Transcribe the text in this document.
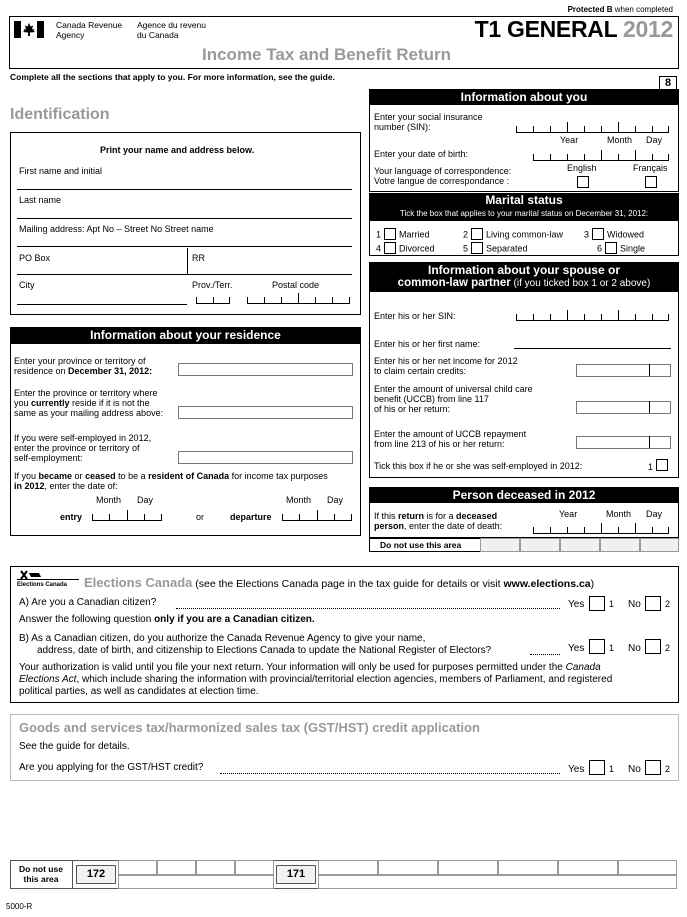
Protected B when completed
Canada Revenue
Agency
Agence du revenu
du Canada	T1 GENERAL 2012
Income Tax and Benefit Return
Complete all the sections that apply to you. For more information, see the guide.	8
Identification
Print your name and address below.
First name and initial
Last name
Mailing address: Apt No – Street No Street name
PO Box	RR
City	Prov./Terr.	Postal code
Information about your residence
Enter your province or territory of
residence on December 31, 2012:
Enter the province or territory where
you currently reside if it is not the
same as your mailing address above:
If you were self-employed in 2012,
enter the province or territory of
self-employment:
If you became or ceased to be a resident of Canada for income tax purposes
in 2012, enter the date of:
Month Day	Month Day
entry	or	departure
Information about you
Enter your social insurance
number (SIN):
Year	Month Day
Enter your date of birth:
English	Français
Your language of correspondence:
Votre langue de correspondance :
Marital status
Tick the box that applies to your marital status on December 31, 2012:
1 Married	2 Living common-law 3 Widowed
4 Divorced	5 Separated	6 Single
Information about your spouse or
common-law partner (if you ticked box 1 or 2 above)
Enter his or her SIN:
Enter his or her first name:
Enter his or her net income for 2012
to claim certain credits:
Enter the amount of universal child care
benefit (UCCB) from line 117
of his or her return:
Enter the amount of UCCB repayment
from line 213 of his or her return:
Tick this box if he or she was self-employed in 2012:	1
Person deceased in 2012
Year	Month Day
If this return is for a deceased
person, enter the date of death:
Do not use this area
Elections Canada Elections Canada (see the Elections Canada page in the tax guide for details or visit www.elections.ca)
A) Are you a Canadian citizen?	Yes	1 No	2
Answer the following question only if you are a Canadian citizen.
B) As a Canadian citizen, do you authorize the Canada Revenue Agency to give your name,
address, date of birth, and citizenship to Elections Canada to update the National Register of Electors?	Yes	1 No	2
Your authorization is valid until you file your next return. Your information will only be used for purposes permitted under the Canada
Elections Act, which include sharing the information with provincial/territorial election agencies, members of Parliament, and registered
political parties, as well as candidates at election time.
Goods and services tax/harmonized sales tax (GST/HST) credit application
See the guide for details.
Are you applying for the GST/HST credit?	Yes	1 No	2
Do not use
this area	172	171
5000-R
